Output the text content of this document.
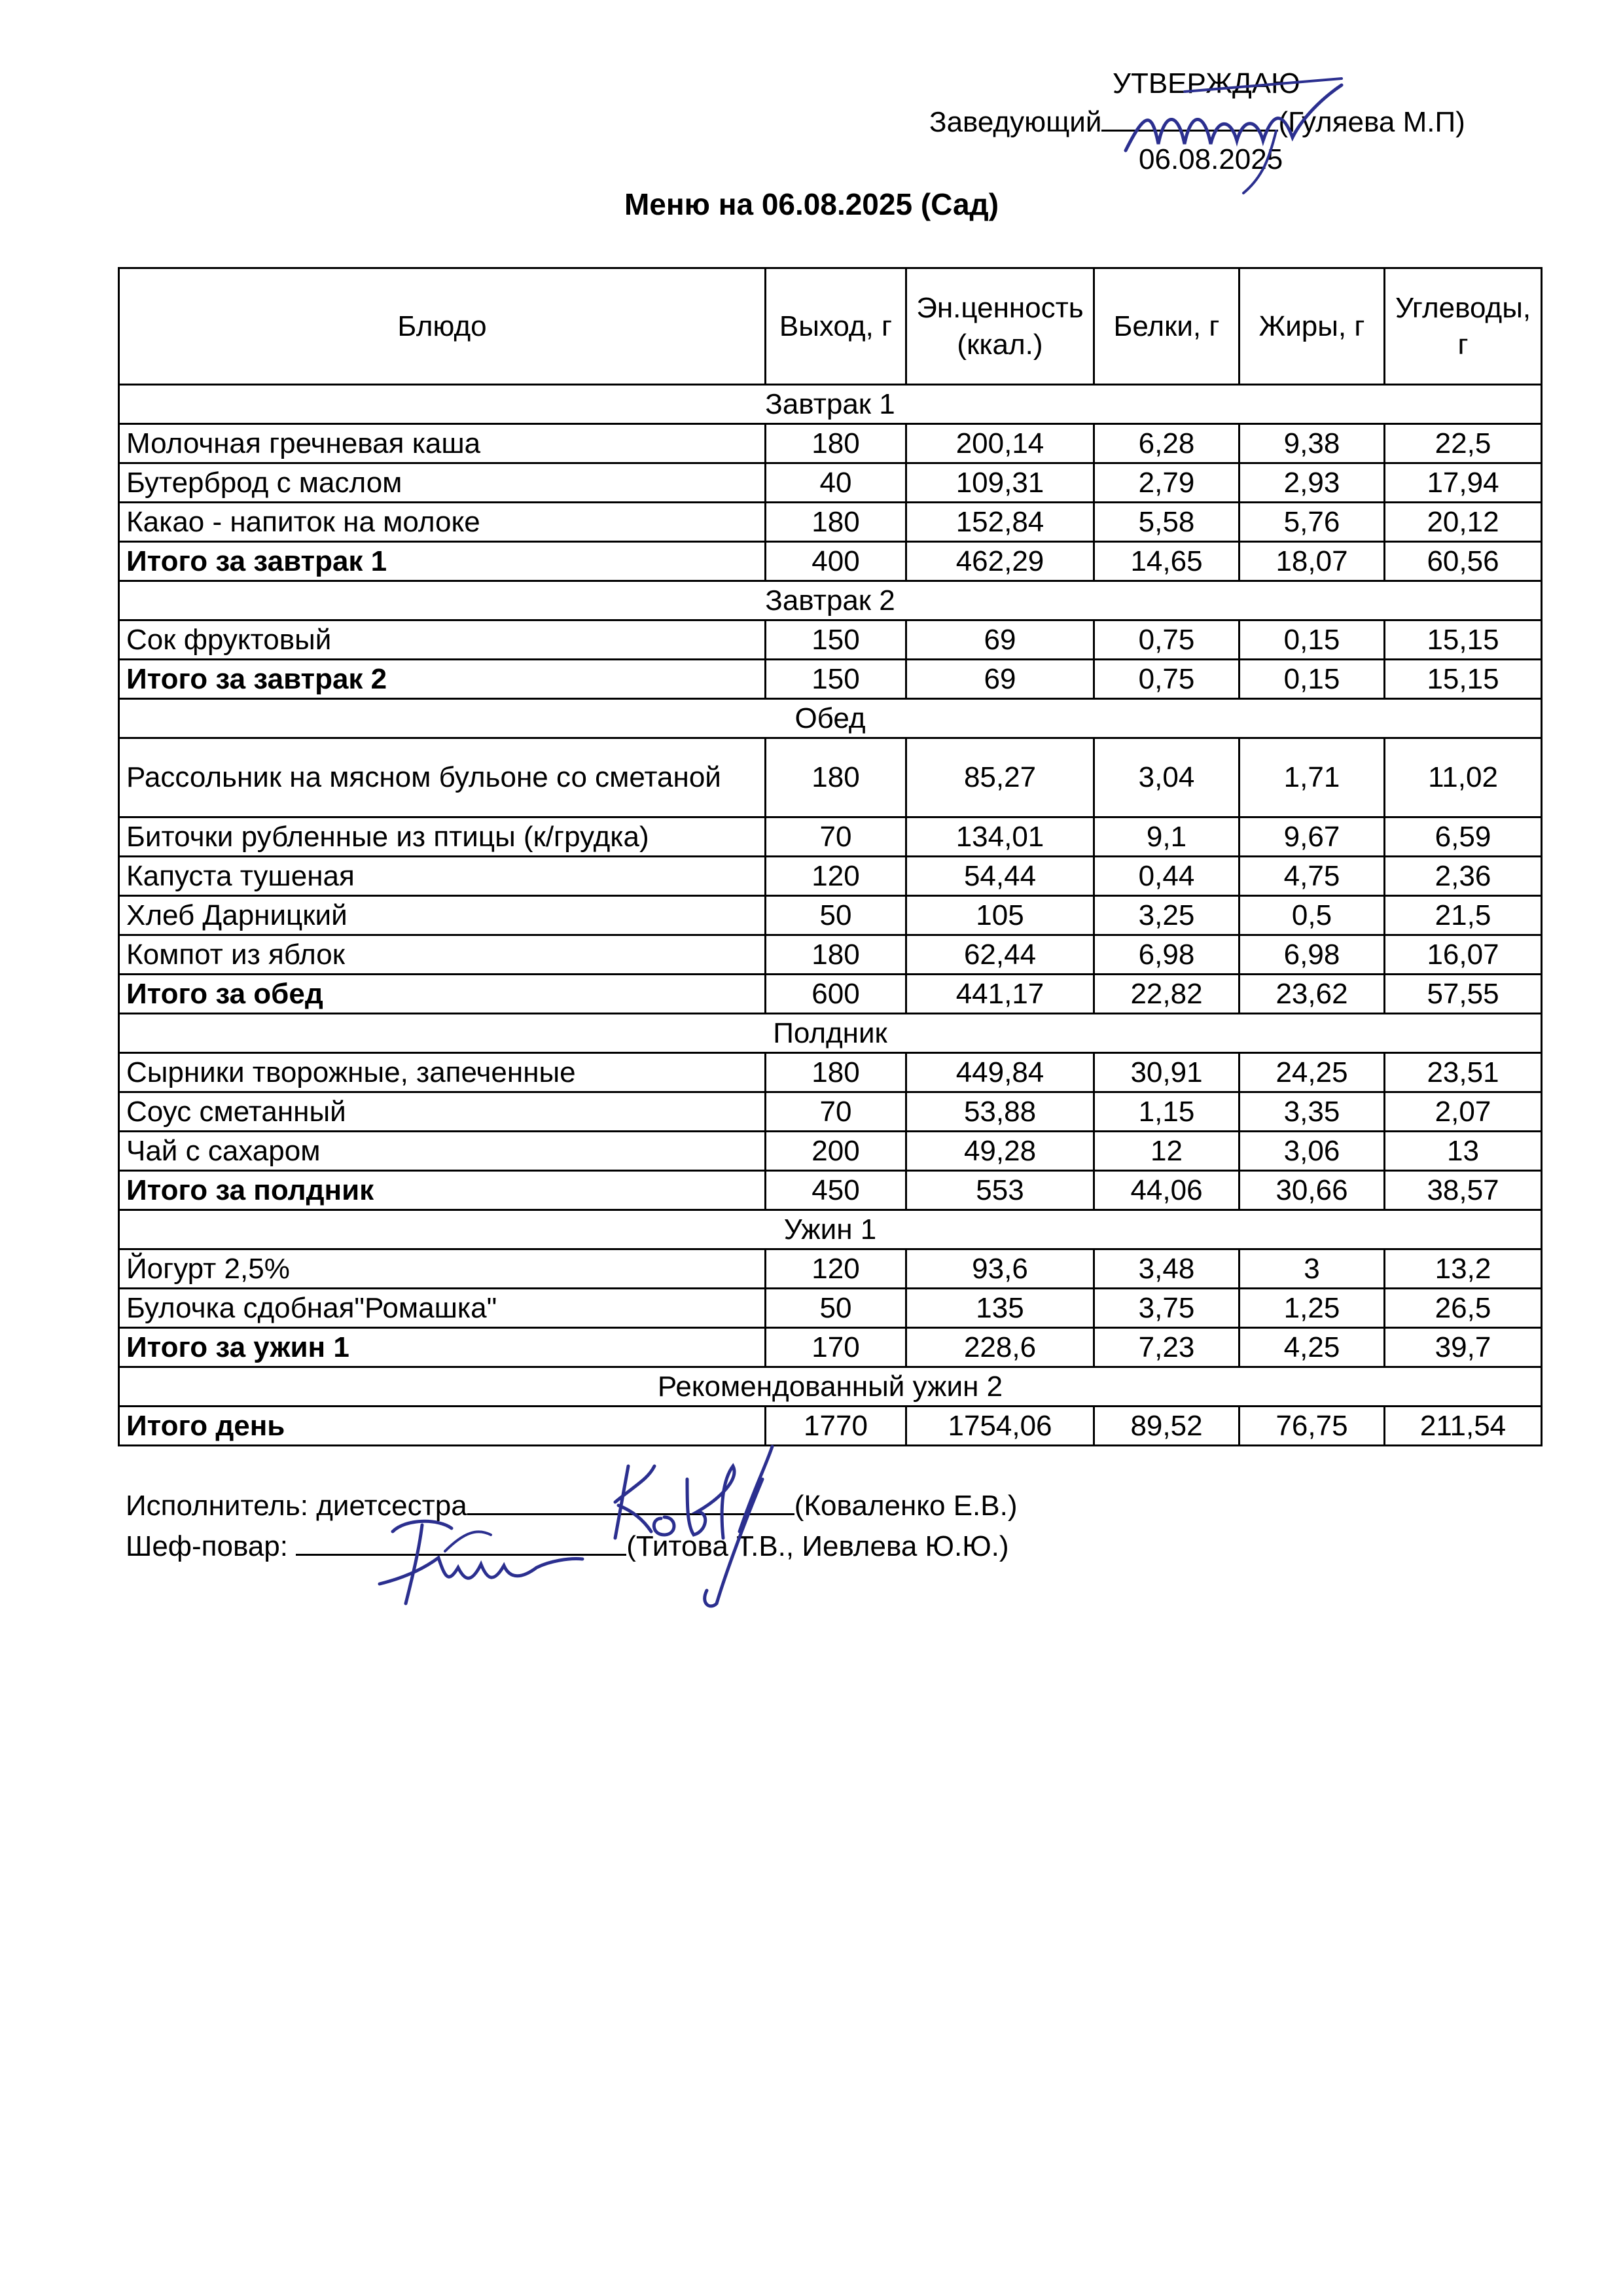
УТВЕРЖДАЮ
Заведующий	(Гуляева М.П)
06.08.2025
Меню на 06.08.2025 (Сад)
Блюдо	Выход, г	Эн.ценность (ккал.)	Белки, г	Жиры, г	Углеводы, г
Завтрак 1					
Молочная гречневая каша	180	200,14	6,28	9,38	22,5
Бутерброд с маслом	40	109,31	2,79	2,93	17,94
Какао - напиток на молоке	180	152,84	5,58	5,76	20,12
Итого за завтрак 1	400	462,29	14,65	18,07	60,56
Завтрак 2					
Сок фруктовый	150	69	0,75	0,15	15,15
Итого за завтрак 2	150	69	0,75	0,15	15,15
Обед					
Рассольник на мясном бульоне со сметаной	180	85,27	3,04	1,71	11,02
Биточки рубленные из птицы (к/грудка)	70	134,01	9,1	9,67	6,59
Капуста тушеная	120	54,44	0,44	4,75	2,36
Хлеб Дарницкий	50	105	3,25	0,5	21,5
Компот из яблок	180	62,44	6,98	6,98	16,07
Итого за обед	600	441,17	22,82	23,62	57,55
Полдник					
Сырники творожные, запеченные	180	449,84	30,91	24,25	23,51
Соус сметанный	70	53,88	1,15	3,35	2,07
Чай с сахаром	200	49,28	12	3,06	13
Итого за полдник	450	553	44,06	30,66	38,57
Ужин 1					
Йогурт 2,5%	120	93,6	3,48	3	13,2
Булочка сдобная"Ромашка"	50	135	3,75	1,25	26,5
Итого за ужин 1	170	228,6	7,23	4,25	39,7
Рекомендованный ужин 2					
Итого день	1770	1754,06	89,52	76,75	211,54
Исполнитель: диетсестра	(Коваленко Е.В.)
Шеф-повар:	(Титова Т.В., Иевлева Ю.Ю.)
